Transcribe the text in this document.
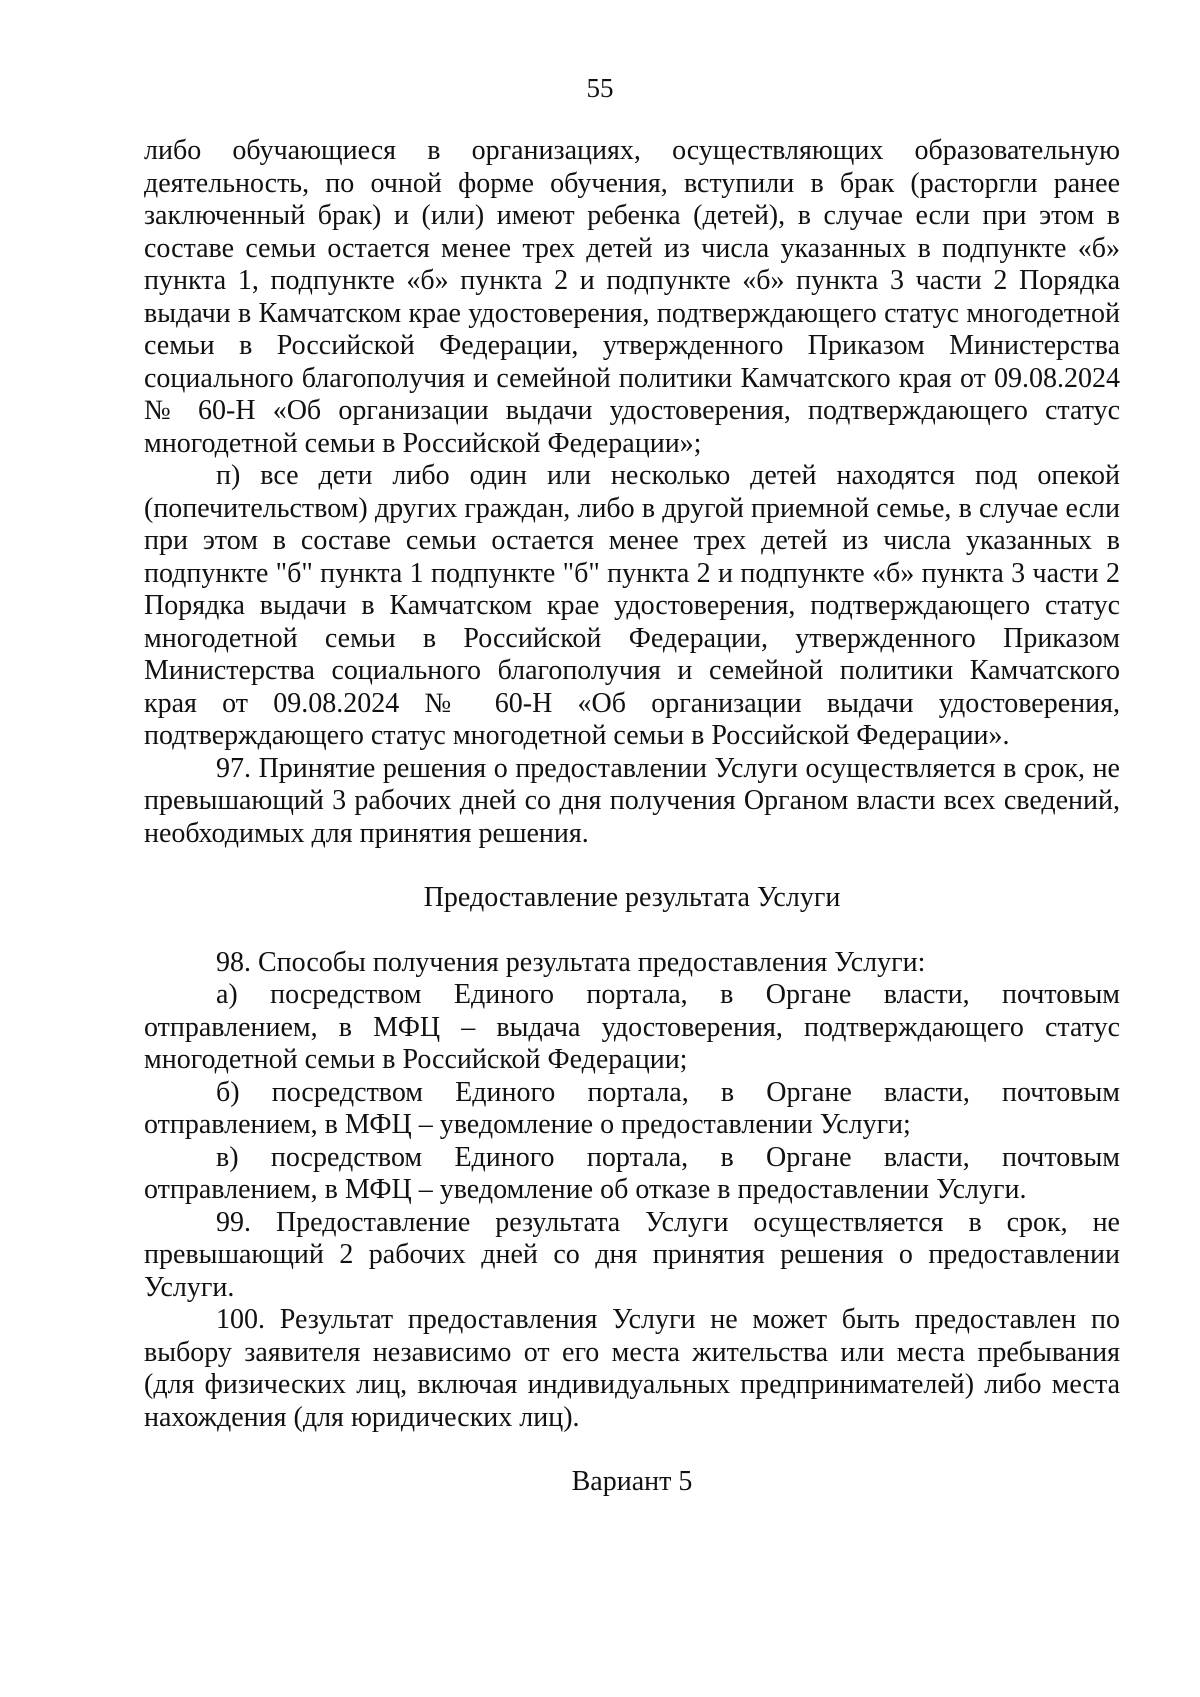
55

либо обучающиеся в организациях, осуществляющих образовательную деятельность, по очной форме обучения, вступили в брак (расторгли ранее заключенный брак) и (или) имеют ребенка (детей), в случае если при этом в составе семьи остается менее трех детей из числа указанных в подпункте «б» пункта 1, подпункте «б» пункта 2 и подпункте «б» пункта 3 части 2 Порядка выдачи в Камчатском крае удостоверения, подтверждающего статус многодетной семьи в Российской Федерации, утвержденного Приказом Министерства социального благополучия и семейной политики Камчатского края от 09.08.2024 № 60-Н «Об организации выдачи удостоверения, подтверждающего статус многодетной семьи в Российской Федерации»;

п) все дети либо один или несколько детей находятся под опекой (попечительством) других граждан, либо в другой приемной семье, в случае если при этом в составе семьи остается менее трех детей из числа указанных в подпункте "б" пункта 1 подпункте "б" пункта 2 и подпункте «б» пункта 3 части 2 Порядка выдачи в Камчатском крае удостоверения, подтверждающего статус многодетной семьи в Российской Федерации, утвержденного Приказом Министерства социального благополучия и семейной политики Камчатского края от 09.08.2024 № 60-Н «Об организации выдачи удостоверения, подтверждающего статус многодетной семьи в Российской Федерации».

97. Принятие решения о предоставлении Услуги осуществляется в срок, не превышающий 3 рабочих дней со дня получения Органом власти всех сведений, необходимых для принятия решения.

Предоставление результата Услуги

98. Способы получения результата предоставления Услуги:

а) посредством Единого портала, в Органе власти, почтовым отправлением, в МФЦ – выдача удостоверения, подтверждающего статус многодетной семьи в Российской Федерации;

б) посредством Единого портала, в Органе власти, почтовым отправлением, в МФЦ – уведомление о предоставлении Услуги;

в) посредством Единого портала, в Органе власти, почтовым отправлением, в МФЦ – уведомление об отказе в предоставлении Услуги.

99. Предоставление результата Услуги осуществляется в срок, не превышающий 2 рабочих дней со дня принятия решения о предоставлении Услуги.

100. Результат предоставления Услуги не может быть предоставлен по выбору заявителя независимо от его места жительства или места пребывания (для физических лиц, включая индивидуальных предпринимателей) либо места нахождения (для юридических лиц).

Вариант 5
